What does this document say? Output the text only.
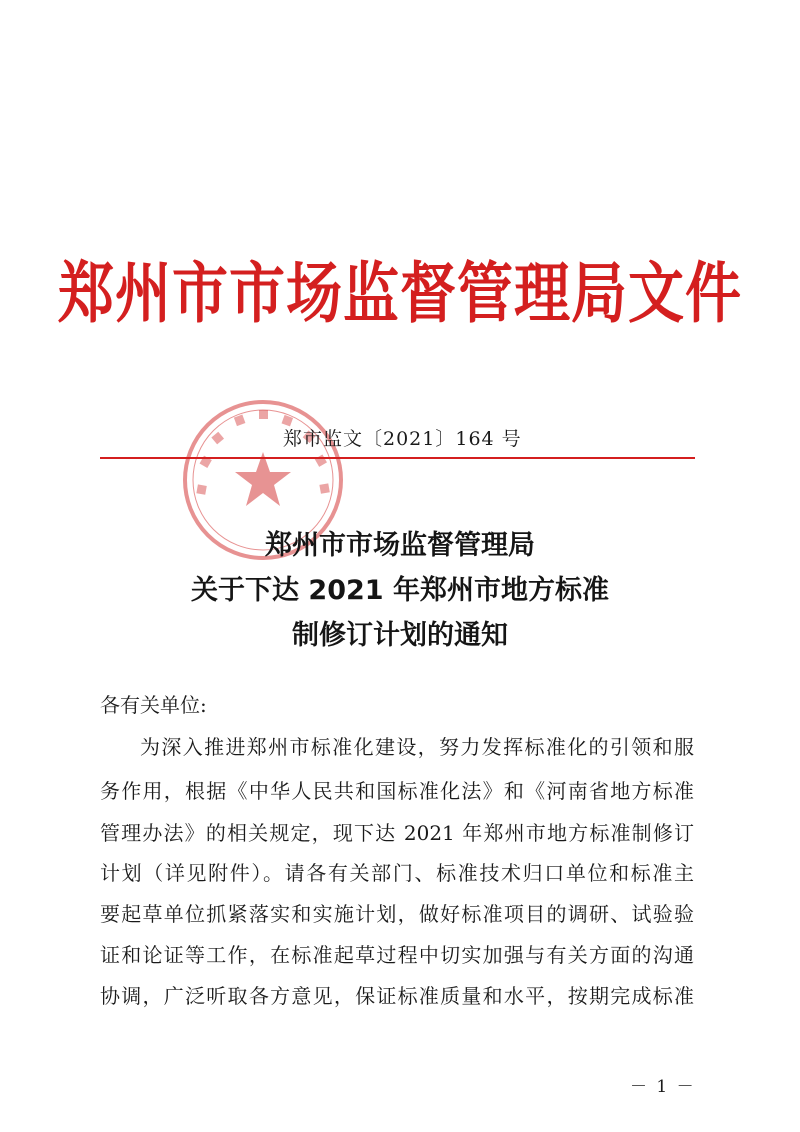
郑州市市场监督管理局文件
郑市监文〔2021〕164 号
郑州市市场监督管理局
关于下达 2021 年郑州市地方标准
制修订计划的通知
各有关单位:
为深入推进郑州市标准化建设，努力发挥标准化的引领和服
务作用，根据《中华人民共和国标准化法》和《河南省地方标准
管理办法》的相关规定，现下达 2021 年郑州市地方标准制修订
计划（详见附件）。请各有关部门、标准技术归口单位和标准主
要起草单位抓紧落实和实施计划，做好标准项目的调研、试验验
证和论证等工作，在标准起草过程中切实加强与有关方面的沟通
协调，广泛听取各方意见，保证标准质量和水平，按期完成标准
－ 1 －
